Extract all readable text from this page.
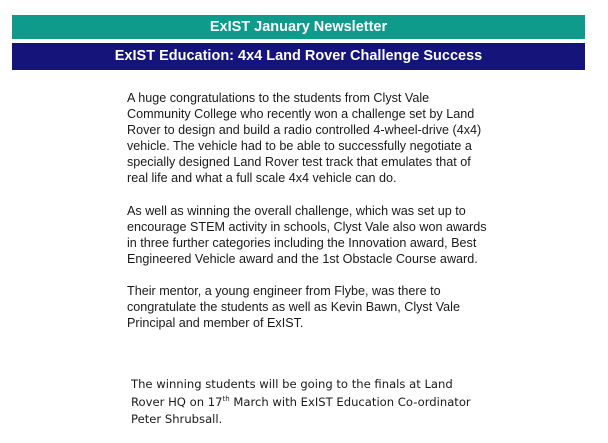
ExIST January Newsletter
ExIST Education: 4x4 Land Rover Challenge Success

A huge congratulations to the students from Clyst Vale Community College who recently won a challenge set by Land Rover to design and build a radio controlled 4-wheel-drive (4x4) vehicle. The vehicle had to be able to successfully negotiate a specially designed Land Rover test track that emulates that of real life and what a full scale 4x4 vehicle can do.

As well as winning the overall challenge, which was set up to encourage STEM activity in schools, Clyst Vale also won awards in three further categories including the Innovation award, Best Engineered Vehicle award and the 1st Obstacle Course award.

Their mentor, a young engineer from Flybe, was there to congratulate the students as well as Kevin Bawn, Clyst Vale Principal and member of ExIST.

The winning students will be going to the finals at Land Rover HQ on 17th March with ExIST Education Co-ordinator Peter Shrubsall.
